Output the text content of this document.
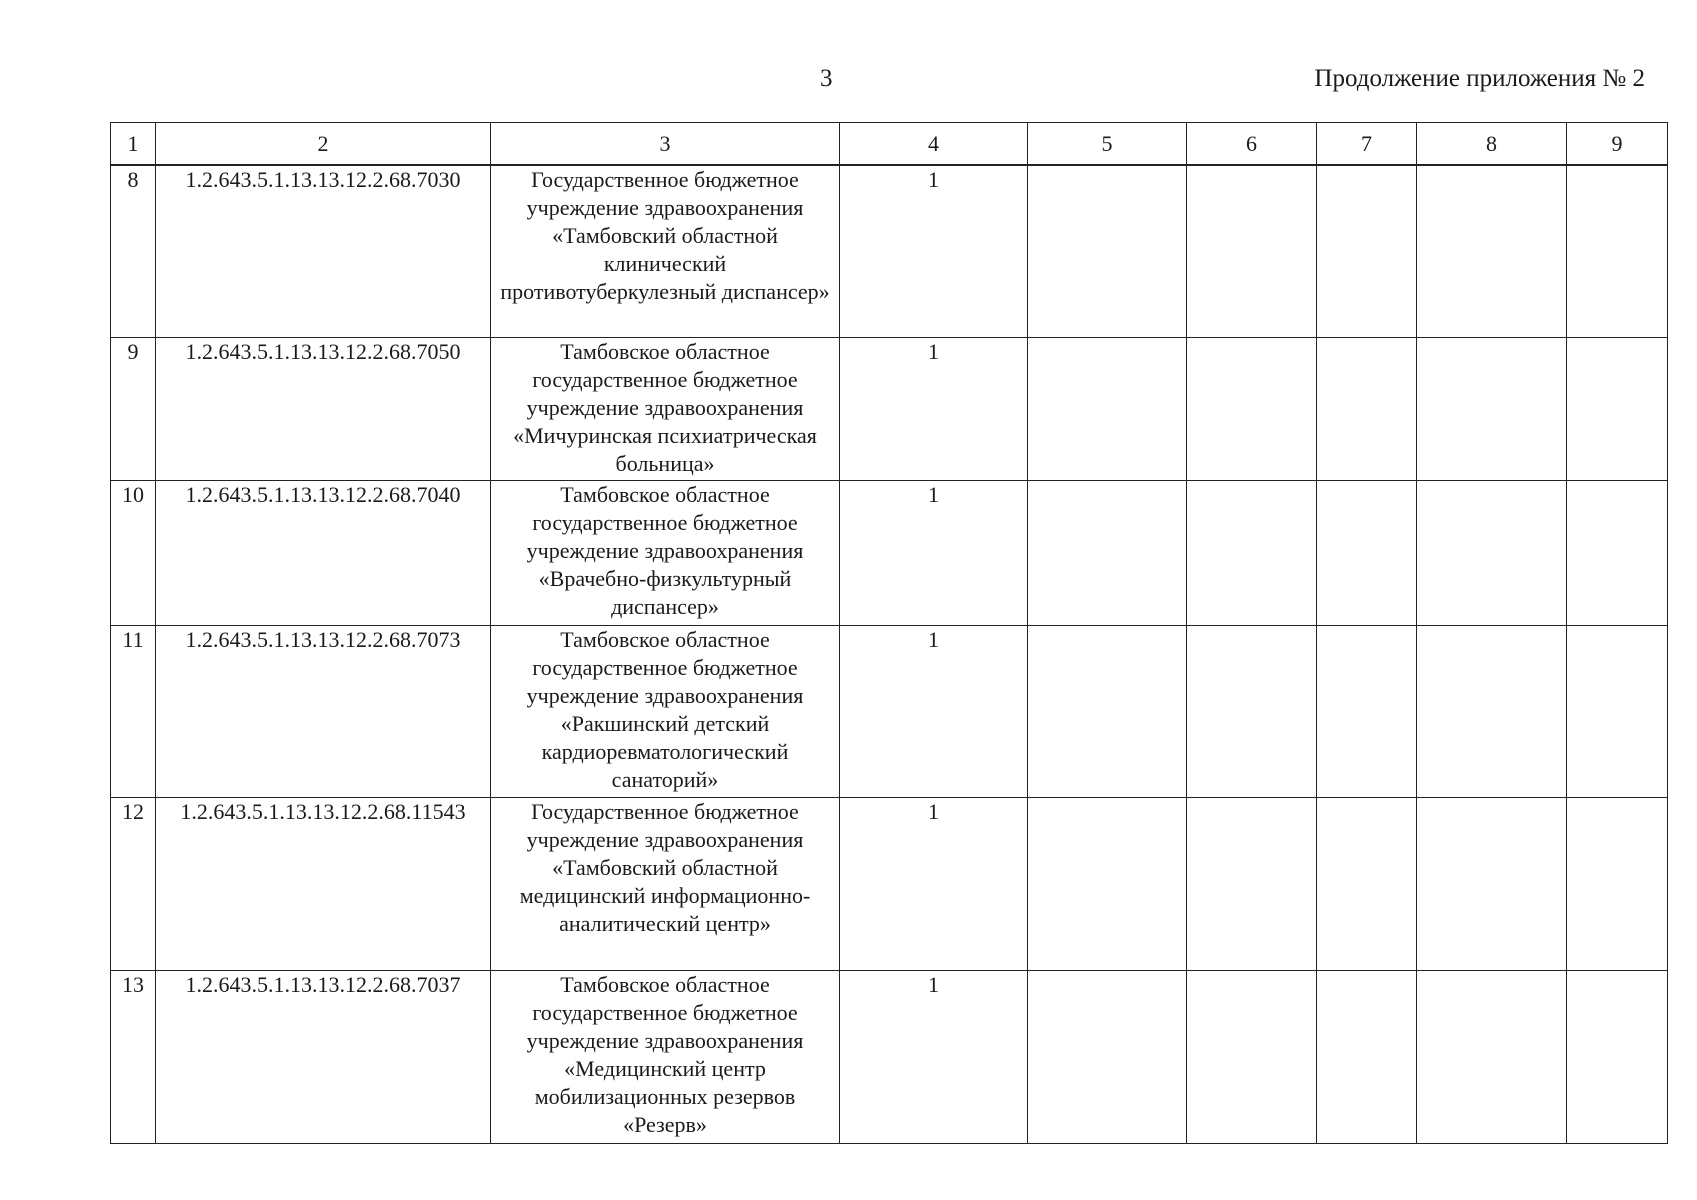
3	Продолжение приложения № 2
1	2	3	4	5	6	7	8	9
8	1.2.643.5.1.13.13.12.2.68.7030	Государственное бюджетное учреждение здравоохранения «Тамбовский областной клинический противотуберкулезный диспансер»	1					
9	1.2.643.5.1.13.13.12.2.68.7050	Тамбовское областное государственное бюджетное учреждение здравоохранения «Мичуринская психиатрическая больница»	1					
10	1.2.643.5.1.13.13.12.2.68.7040	Тамбовское областное государственное бюджетное учреждение здравоохранения «Врачебно-физкультурный диспансер»	1					
11	1.2.643.5.1.13.13.12.2.68.7073	Тамбовское областное государственное бюджетное учреждение здравоохранения «Ракшинский детский кардиоревматологический санаторий»	1					
12	1.2.643.5.1.13.13.12.2.68.11543	Государственное бюджетное учреждение здравоохранения «Тамбовский областной медицинский информационно-аналитический центр»	1					
13	1.2.643.5.1.13.13.12.2.68.7037	Тамбовское областное государственное бюджетное учреждение здравоохранения «Медицинский центр мобилизационных резервов «Резерв»	1					
